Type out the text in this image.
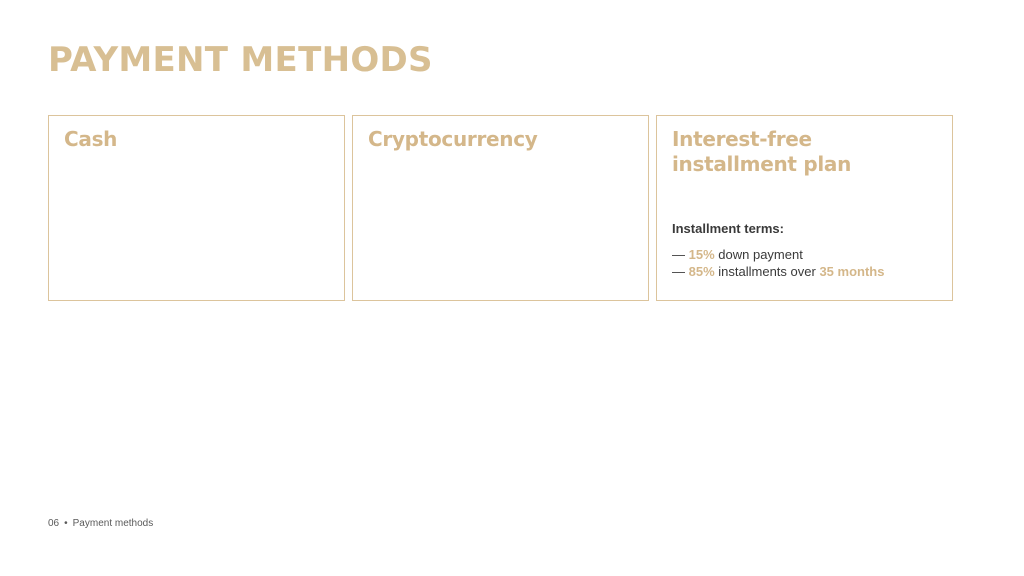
PAYMENT METHODS
Cash	Cryptocurrency	Interest-free
installment plan
Installment terms:
— 15% down payment
— 85% installments over 35 months
06 • Payment methods
